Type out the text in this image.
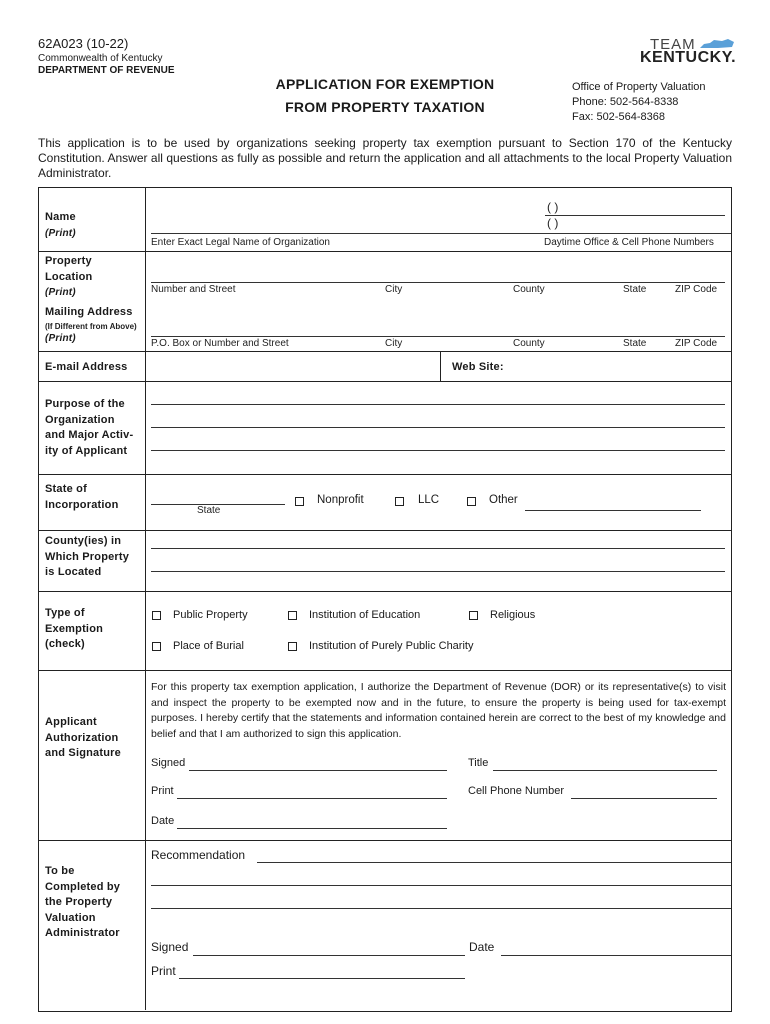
62A023 (10-22)
Commonwealth of Kentucky
DEPARTMENT OF REVENUE
APPLICATION FOR EXEMPTION
FROM PROPERTY TAXATION
Office of Property Valuation
Phone: 502-564-8338
Fax: 502-564-8368
TEAM
KENTUCKY.
This application is to be used by organizations seeking property tax exemption pursuant to Section 170 of the Kentucky Constitution. Answer all questions as fully as possible and return the application and all attachments to the local Property Valuation Administrator.
Name
(Print)
Enter Exact Legal Name of Organization
( )
( )
Daytime Office & Cell Phone Numbers
Property
Location
(Print)	Number and Street	City	County	State	ZIP Code
Mailing Address
(If Different from Above)
(Print)	P.O. Box or Number and Street	City	County	State	ZIP Code
E-mail Address	Web Site:
Purpose of the
Organization
and Major Activ-
ity of Applicant
State of
Incorporation	State
Nonprofit	LLC	Other
County(ies) in
Which Property
is Located
Type of
Exemption
(check)
Public Property	Institution of Education	Religious
Place of Burial	Institution of Purely Public Charity
Applicant
Authorization
and Signature
For this property tax exemption application, I authorize the Department of Revenue (DOR) or its representative(s) to visit and inspect the property to be exempted now and in the future, to ensure the property is being used for tax-exempt purposes. I hereby certify that the statements and information contained herein are correct to the best of my knowledge and belief and that I am authorized to sign this application.
Signed	Title
Print	Cell Phone Number
Date
To be
Completed by
the Property
Valuation
Administrator
Recommendation
Signed	Date
Print
